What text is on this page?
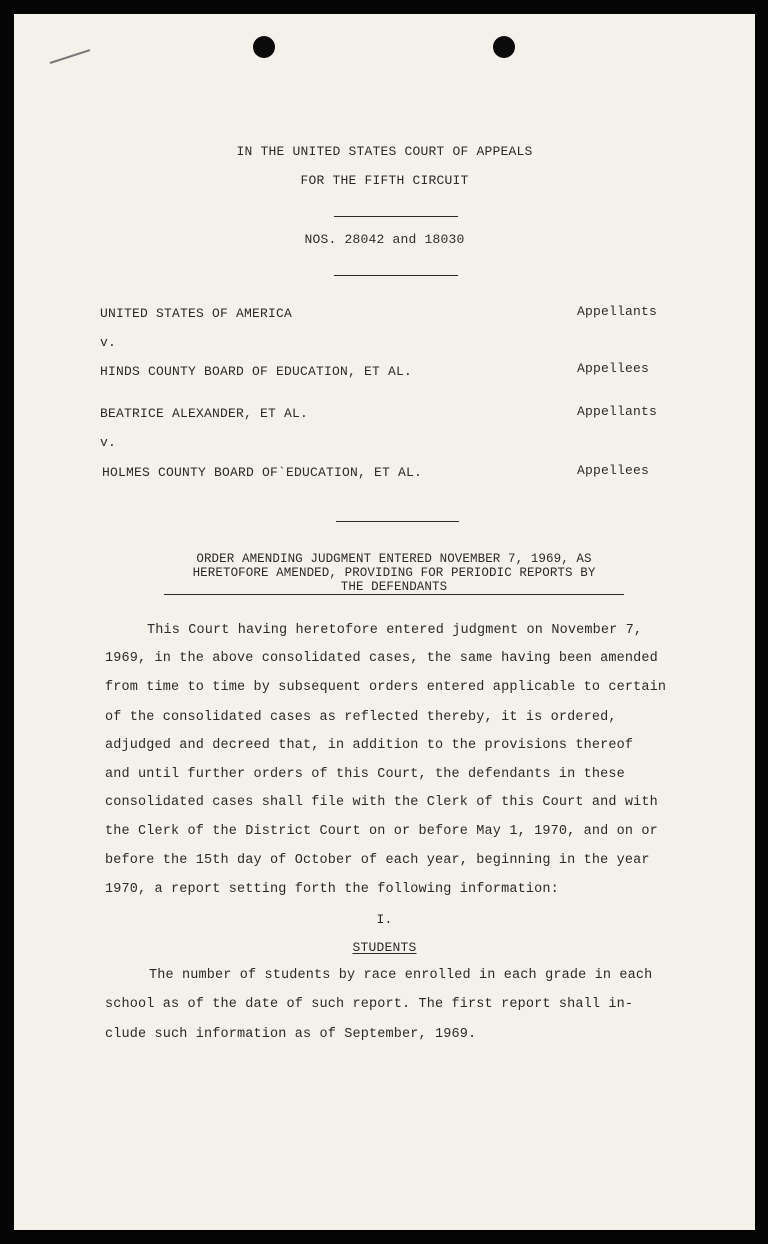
IN THE UNITED STATES COURT OF APPEALS
FOR THE FIFTH CIRCUIT
NOS. 28042 and 18030
UNITED STATES OF AMERICA	Appellants
v.
HINDS COUNTY BOARD OF EDUCATION, ET AL.	Appellees
BEATRICE ALEXANDER, ET AL.	Appellants
v.
HOLMES COUNTY BOARD OF`EDUCATION, ET AL.	Appellees
ORDER AMENDING JUDGMENT ENTERED NOVEMBER 7, 1969, AS
HERETOFORE AMENDED, PROVIDING FOR PERIODIC REPORTS BY
THE DEFENDANTS
This Court having heretofore entered judgment on November 7,
1969, in the above consolidated cases, the same having been amended
from time to time by subsequent orders entered applicable to certain
of the consolidated cases as reflected thereby, it is ordered,
adjudged and decreed that, in addition to the provisions thereof
and until further orders of this Court, the defendants in these
consolidated cases shall file with the Clerk of this Court and with
the Clerk of the District Court on or before May 1, 1970, and on or
before the 15th day of October of each year, beginning in the year
1970, a report setting forth the following information:
I.
STUDENTS
The number of students by race enrolled in each grade in each
school as of the date of such report. The first report shall in-
clude such information as of September, 1969.
